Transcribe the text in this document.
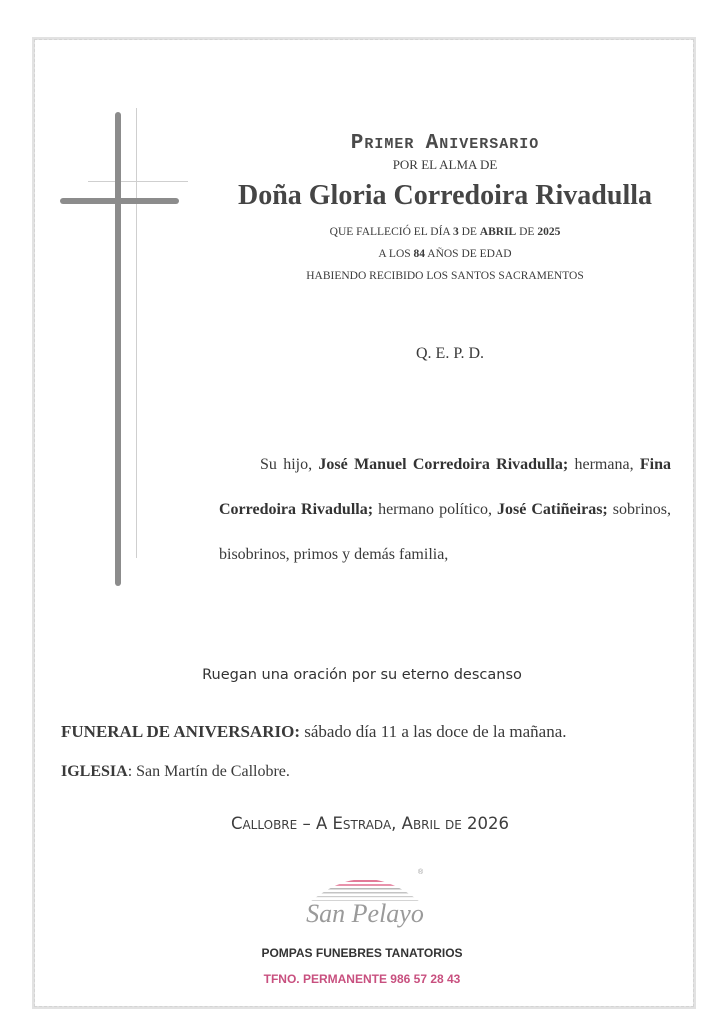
Primer Aniversario
POR EL ALMA DE
Doña Gloria Corredoira Rivadulla
QUE FALLECIÓ EL DÍA 3 DE ABRIL DE 2025
A LOS 84 AÑOS DE EDAD
HABIENDO RECIBIDO LOS SANTOS SACRAMENTOS
Q. E. P. D.
Su hijo, José Manuel Corredoira Rivadulla; hermana, Fina Corredoira Rivadulla; hermano político, José Catiñeiras; sobrinos, bisobrinos, primos y demás familia,
Ruegan una oración por su eterno descanso
FUNERAL DE ANIVERSARIO: sábado día 11 a las doce de la mañana.
IGLESIA: San Martín de Callobre.
Callobre – A Estrada, Abril de 2026
®
San Pelayo
POMPAS FUNEBRES TANATORIOS
TFNO. PERMANENTE 986 57 28 43
